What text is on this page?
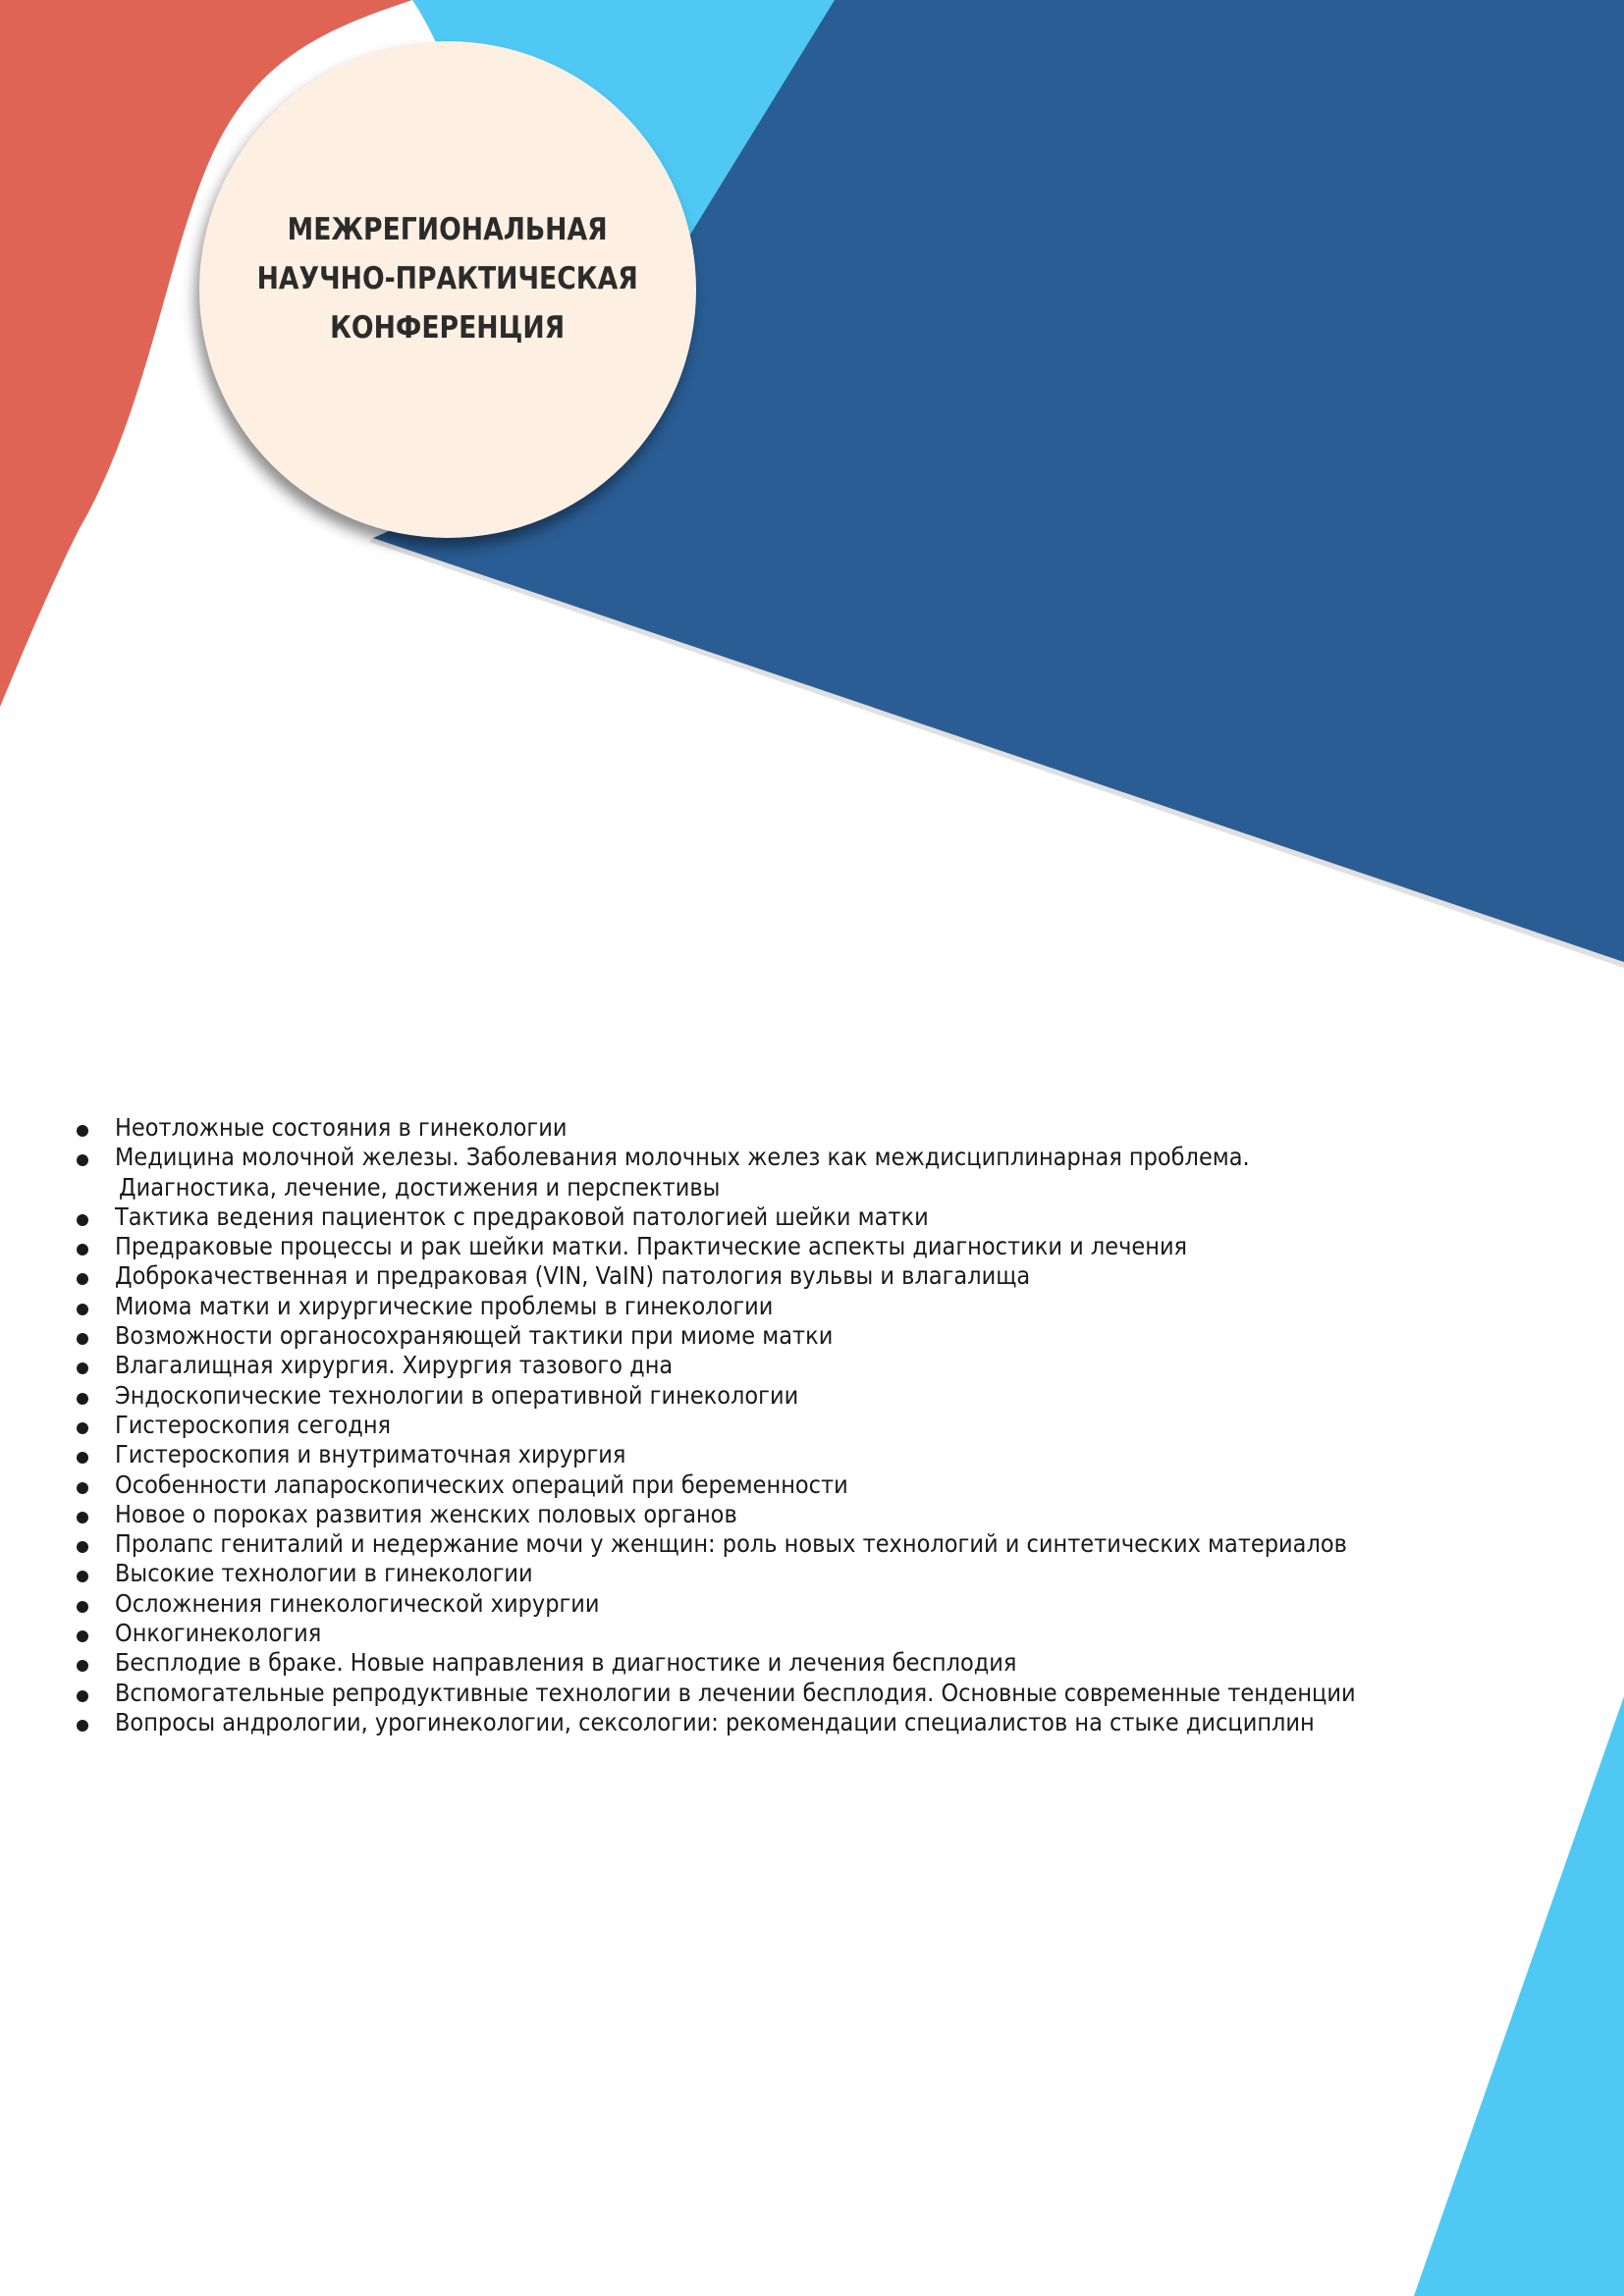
МЕЖРЕГИОНАЛЬНАЯ
НАУЧНО-ПРАКТИЧЕСКАЯ
КОНФЕРЕНЦИЯ
Неотложные состояния в гинекологии
Медицина молочной железы. Заболевания молочных желез как междисциплинарная проблема.
Диагностика, лечение, достижения и перспективы
Тактика ведения пациенток с предраковой патологией шейки матки
Предраковые процессы и рак шейки матки. Практические аспекты диагностики и лечения
Доброкачественная и предраковая (VIN, VaIN) патология вульвы и влагалища
Миома матки и хирургические проблемы в гинекологии
Возможности органосохраняющей тактики при миоме матки
Влагалищная хирургия. Хирургия тазового дна
Эндоскопические технологии в оперативной гинекологии
Гистероскопия сегодня
Гистероскопия и внутриматочная хирургия
Особенности лапароскопических операций при беременности
Новое о пороках развития женских половых органов
Пролапс гениталий и недержание мочи у женщин: роль новых технологий и синтетических материалов
Высокие технологии в гинекологии
Осложнения гинекологической хирургии
Онкогинекология
Бесплодие в браке. Новые направления в диагностике и лечения бесплодия
Вспомогательные репродуктивные технологии в лечении бесплодия. Основные современные тенденции
Вопросы андрологии, урогинекологии, сексологии: рекомендации специалистов на стыке дисциплин
